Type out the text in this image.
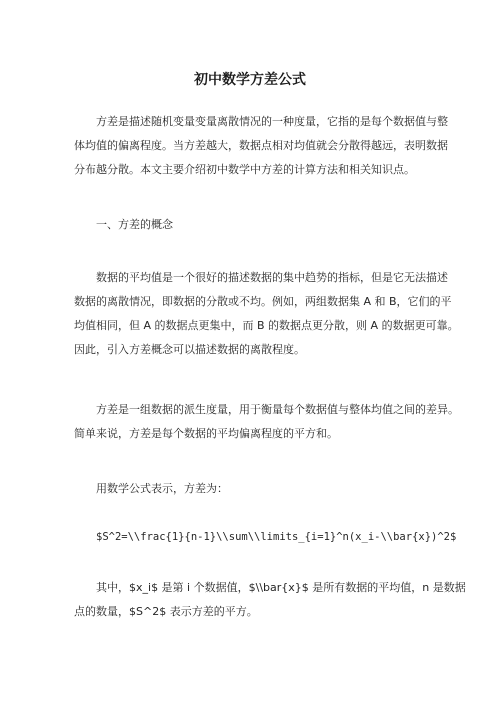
初中数学方差公式

方差是描述随机变量变量离散情况的一种度量，它指的是每个数据值与整
体均值的偏离程度。当方差越大，数据点相对均值就会分散得越远，表明数据
分布越分散。本文主要介绍初中数学中方差的计算方法和相关知识点。

一、方差的概念

数据的平均值是一个很好的描述数据的集中趋势的指标，但是它无法描述
数据的离散情况，即数据的分散或不均。例如，两组数据集 A 和 B，它们的平
均值相同，但 A 的数据点更集中，而 B 的数据点更分散，则 A 的数据更可靠。
因此，引入方差概念可以描述数据的离散程度。

方差是一组数据的派生度量，用于衡量每个数据值与整体均值之间的差异。
简单来说，方差是每个数据的平均偏离程度的平方和。

用数学公式表示，方差为：

$S^2=\\frac{1}{n-1}\\sum\\limits_{i=1}^n(x_i-\\bar{x})^2$

其中，$x_i$ 是第 i 个数据值，$\\bar{x}$ 是所有数据的平均值，n 是数据
点的数量，$S^2$ 表示方差的平方。
